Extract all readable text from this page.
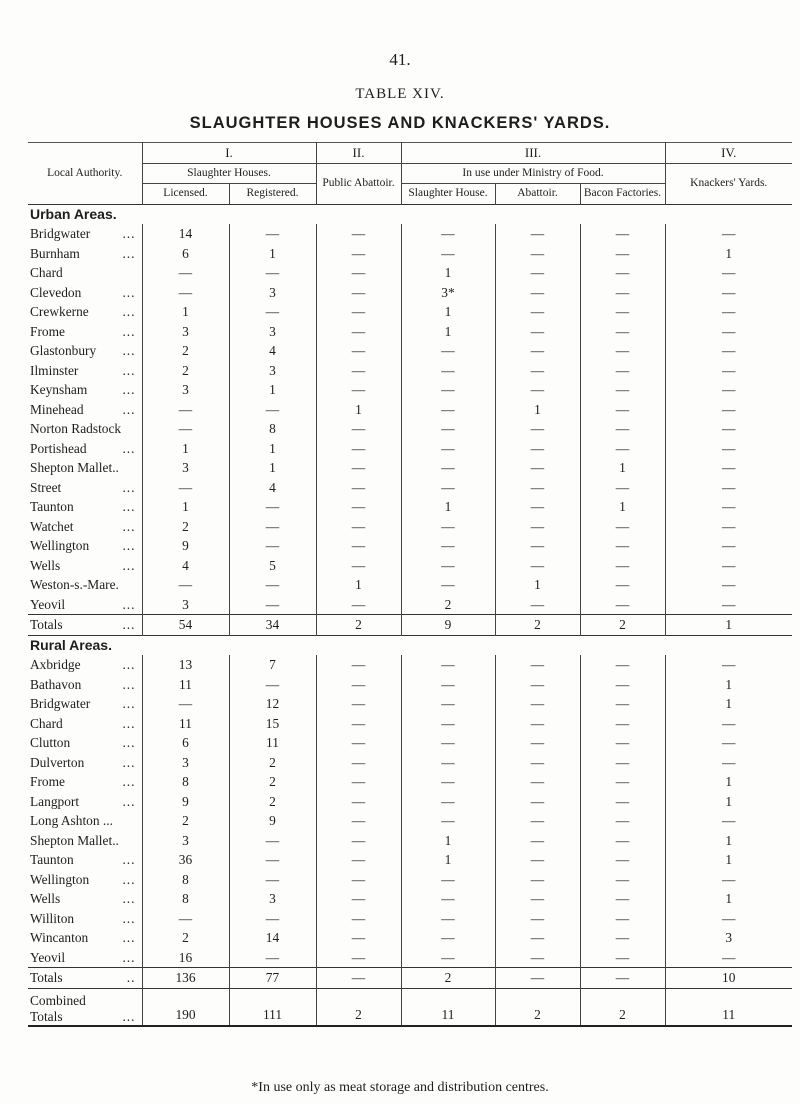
41.
TABLE XIV.
SLAUGHTER HOUSES AND KNACKERS' YARDS.
Local Authority.	I.		II.	III.			IV.
	Slaughter Houses.		Public Abattoir.	In use under Ministry of Food.			Knackers' Yards.
	Licensed.	Registered.		Slaughter House.	Abattoir.	Bacon Factories.	
Urban Areas.							
Bridgwater ...	14	—	—	—	—	—	—
Burnham ...	6	1	—	—	—	—	1
Chard	—	—	—	1	—	—	—
Clevedon ...	—	3	—	3*	—	—	—
Crewkerne ...	1	—	—	1	—	—	—
Frome ...	3	3	—	1	—	—	—
Glastonbury ...	2	4	—	—	—	—	—
Ilminster ...	2	3	—	—	—	—	—
Keynsham ...	3	1	—	—	—	—	—
Minehead ...	—	—	1	—	1	—	—
Norton Radstock	—	8	—	—	—	—	—
Portishead ...	1	1	—	—	—	—	—
Shepton Mallet..	3	1	—	—	—	1	—
Street ...	—	4	—	—	—	—	—
Taunton ...	1	—	—	1	—	1	—
Watchet ...	2	—	—	—	—	—	—
Wellington ...	9	—	—	—	—	—	—
Wells ...	4	5	—	—	—	—	—
Weston-s.-Mare.	—	—	1	—	1	—	—
Yeovil ...	3	—	—	2	—	—	—
Totals ...	54	34	2	9	2	2	1
Rural Areas.							
Axbridge ...	13	7	—	—	—	—	—
Bathavon ...	11	—	—	—	—	—	1
Bridgwater ...	—	12	—	—	—	—	1
Chard ...	11	15	—	—	—	—	—
Clutton ...	6	11	—	—	—	—	—
Dulverton ...	3	2	—	—	—	—	—
Frome ...	8	2	—	—	—	—	1
Langport ...	9	2	—	—	—	—	1
Long Ashton ...	2	9	—	—	—	—	—
Shepton Mallet..	3	—	—	1	—	—	1
Taunton ...	36	—	—	1	—	—	1
Wellington ...	8	—	—	—	—	—	—
Wells ...	8	3	—	—	—	—	1
Williton ...	—	—	—	—	—	—	—
Wincanton ...	2	14	—	—	—	—	3
Yeovil ...	16	—	—	—	—	—	—
Totals ..	136	77	—	2	—	—	10

Combined
Totals ...	190	111	2	11	2	2	11

*In use only as meat storage and distribution centres.
